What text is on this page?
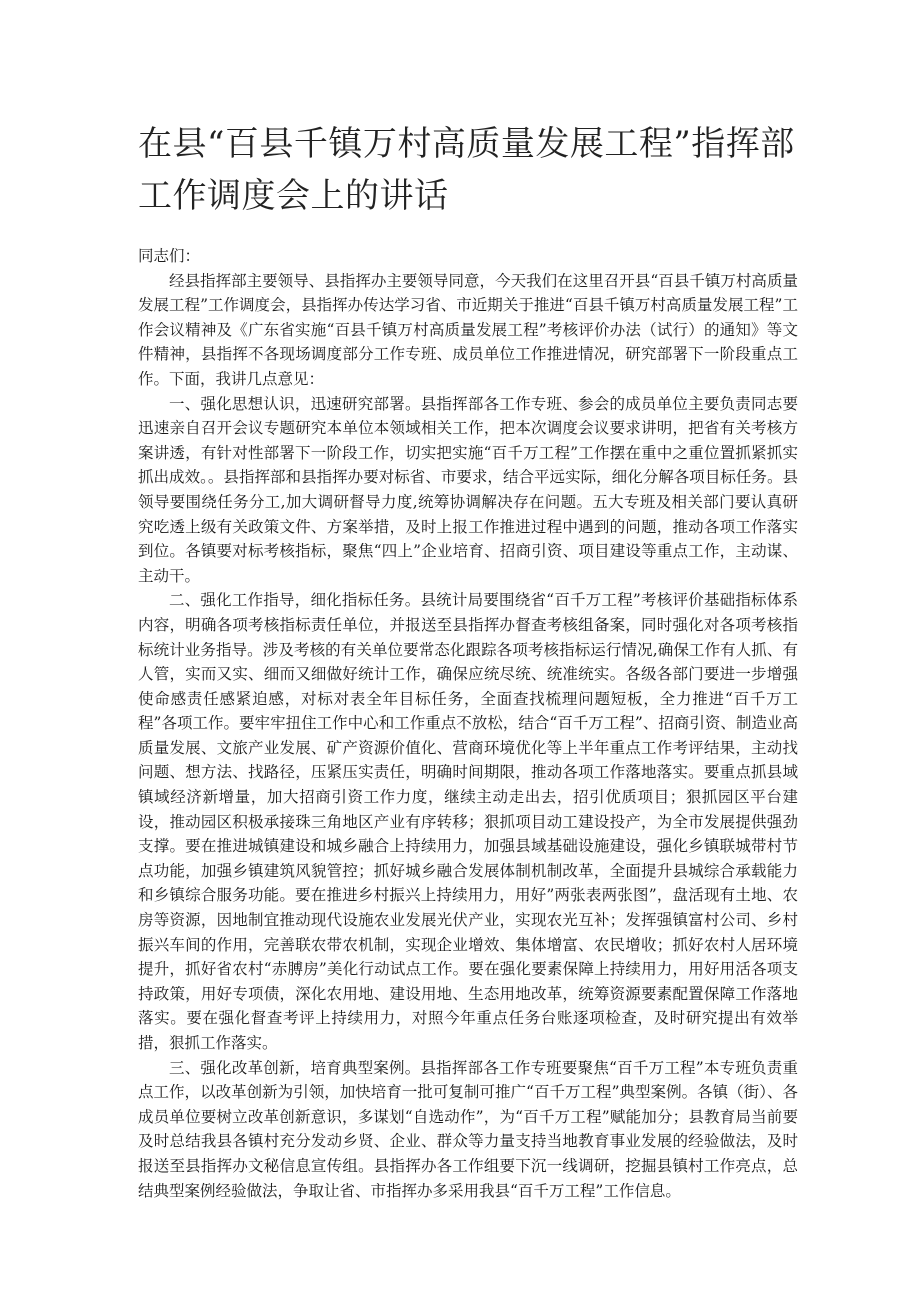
在县“百县千镇万村高质量发展工程”指挥部工作调度会上的讲话

同志们：

经县指挥部主要领导、县指挥办主要领导同意，今天我们在这里召开县“百县千镇万村高质量发展工程”工作调度会，县指挥办传达学习省、市近期关于推进“百县千镇万村高质量发展工程”工作会议精神及《广东省实施“百县千镇万村高质量发展工程”考核评价办法（试行）的通知》等文件精神，县指挥不各现场调度部分工作专班、成员单位工作推进情况，研究部署下一阶段重点工作。下面，我讲几点意见：

一、强化思想认识，迅速研究部署。县指挥部各工作专班、参会的成员单位主要负责同志要迅速亲自召开会议专题研究本单位本领域相关工作，把本次调度会议要求讲明，把省有关考核方案讲透，有针对性部署下一阶段工作，切实把实施“百千万工程”工作摆在重中之重位置抓紧抓实抓出成效。。县指挥部和县指挥办要对标省、市要求，结合平远实际，细化分解各项目标任务。县领导要围绕任务分工,加大调研督导力度,统筹协调解决存在问题。五大专班及相关部门要认真研究吃透上级有关政策文件、方案举措，及时上报工作推进过程中遇到的问题，推动各项工作落实到位。各镇要对标考核指标，聚焦“四上”企业培育、招商引资、项目建设等重点工作，主动谋、主动干。

二、强化工作指导，细化指标任务。县统计局要围绕省“百千万工程”考核评价基础指标体系内容，明确各项考核指标责任单位，并报送至县指挥办督查考核组备案，同时强化对各项考核指标统计业务指导。涉及考核的有关单位要常态化跟踪各项考核指标运行情况,确保工作有人抓、有人管，实而又实、细而又细做好统计工作，确保应统尽统、统准统实。各级各部门要进一步增强使命感责任感紧迫感，对标对表全年目标任务，全面查找梳理问题短板，全力推进“百千万工程”各项工作。要牢牢扭住工作中心和工作重点不放松，结合“百千万工程”、招商引资、制造业高质量发展、文旅产业发展、矿产资源价值化、营商环境优化等上半年重点工作考评结果，主动找问题、想方法、找路径，压紧压实责任，明确时间期限，推动各项工作落地落实。要重点抓县域镇域经济新增量，加大招商引资工作力度，继续主动走出去，招引优质项目；狠抓园区平台建设，推动园区积极承接珠三角地区产业有序转移；狠抓项目动工建设投产，为全市发展提供强劲支撑。要在推进城镇建设和城乡融合上持续用力，加强县域基础设施建设，强化乡镇联城带村节点功能，加强乡镇建筑风貌管控；抓好城乡融合发展体制机制改革，全面提升县城综合承载能力和乡镇综合服务功能。要在推进乡村振兴上持续用力，用好”两张表两张图”，盘活现有土地、农房等资源，因地制宜推动现代设施农业发展光伏产业，实现农光互补；发挥强镇富村公司、乡村振兴车间的作用，完善联农带农机制，实现企业增效、集体增富、农民增收；抓好农村人居环境提升，抓好省农村“赤膊房”美化行动试点工作。要在强化要素保障上持续用力，用好用活各项支持政策，用好专项债，深化农用地、建设用地、生态用地改革，统筹资源要素配置保障工作落地落实。要在强化督查考评上持续用力，对照今年重点任务台账逐项检查，及时研究提出有效举措，狠抓工作落实。

三、强化改革创新，培育典型案例。县指挥部各工作专班要聚焦“百千万工程”本专班负责重点工作，以改革创新为引领，加快培育一批可复制可推广“百千万工程”典型案例。各镇（街）、各成员单位要树立改革创新意识，多谋划“自选动作”，为“百千万工程”赋能加分；县教育局当前要及时总结我县各镇村充分发动乡贤、企业、群众等力量支持当地教育事业发展的经验做法，及时报送至县指挥办文秘信息宣传组。县指挥办各工作组要下沉一线调研，挖掘县镇村工作亮点，总结典型案例经验做法，争取让省、市指挥办多采用我县“百千万工程”工作信息。
